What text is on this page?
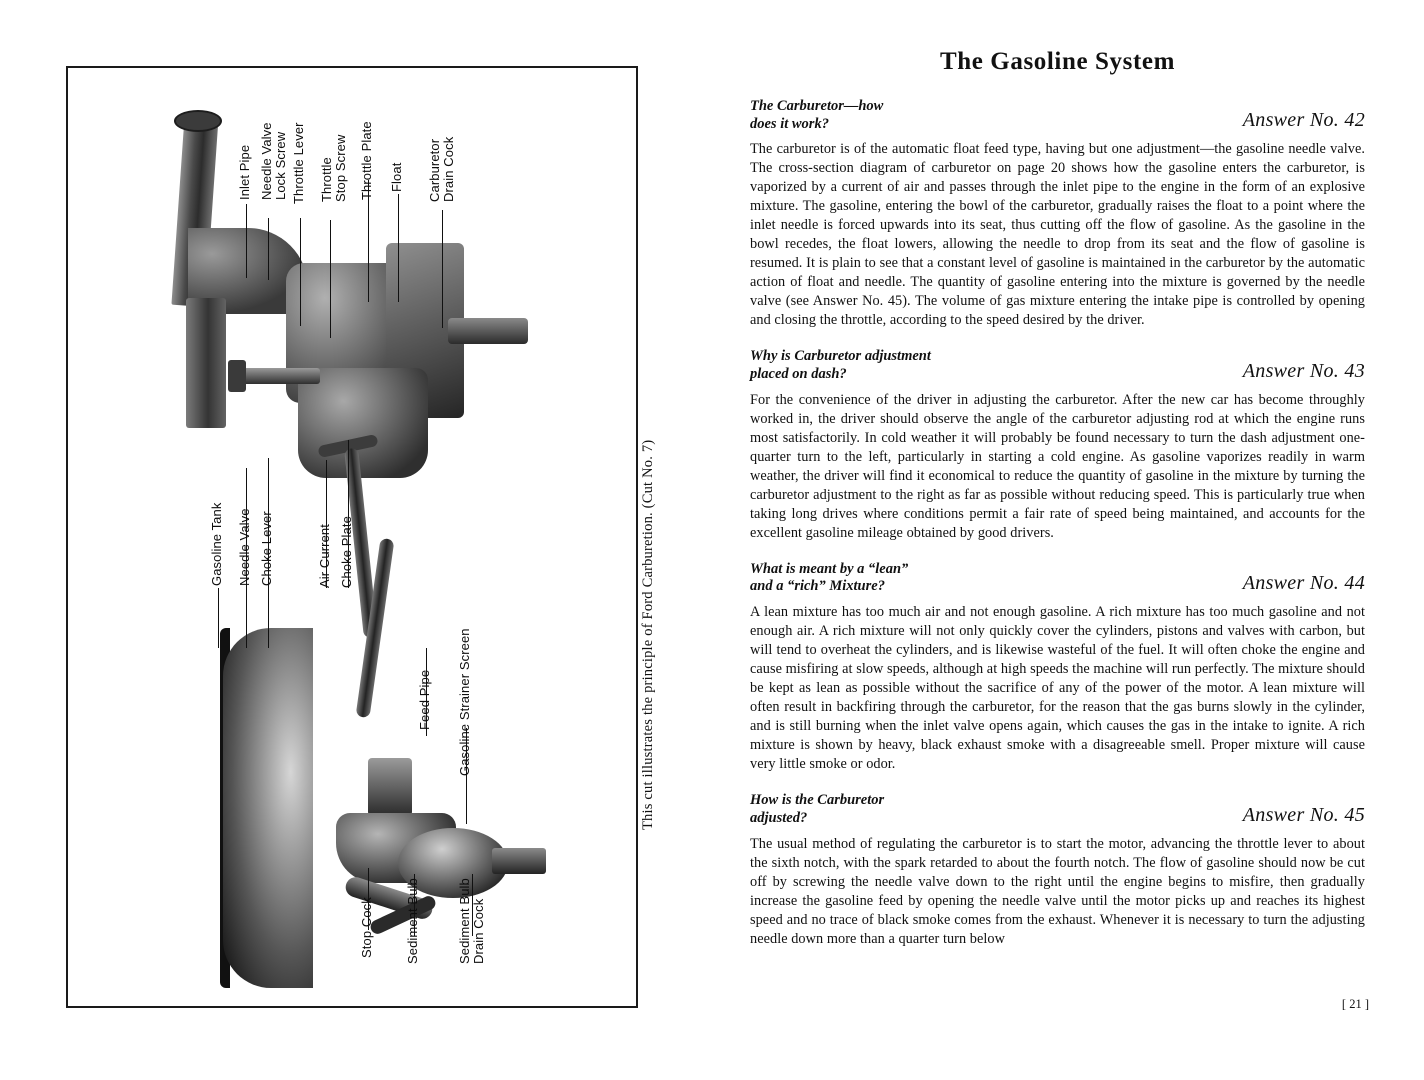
Inlet Pipe Needle Valve
Lock Screw Throttle Lever Throttle
Stop Screw Throttle Plate Float Carburetor
Drain Cock
Gasoline Tank Needle Valve Choke Lever	Air Current Choke Plate
Feed Pipe Gasoline Strainer Screen
Stop Cock Sediment Bulb	Sediment Bulb
Drain Cock
This cut illustrates the principle of Ford Carburetion. (Cut No. 7)
The Gasoline System
The Carburetor—how
does it work?	Answer No. 42

The carburetor is of the automatic float feed type, having but one adjustment—the gasoline needle valve. The cross-section diagram of carburetor on page 20 shows how the gasoline enters the carburetor, is vaporized by a current of air and passes through the inlet pipe to the engine in the form of an explosive mixture. The gasoline, entering the bowl of the carburetor, gradually raises the float to a point where the inlet needle is forced upwards into its seat, thus cutting off the flow of gasoline. As the gasoline in the bowl recedes, the float lowers, allowing the needle to drop from its seat and the flow of gasoline is resumed. It is plain to see that a constant level of gasoline is maintained in the carburetor by the automatic action of float and needle. The quantity of gasoline entering into the mixture is governed by the needle valve (see Answer No. 45). The volume of gas mixture entering the intake pipe is controlled by opening and closing the throttle, according to the speed desired by the driver.

Why is Carburetor adjustment
placed on dash?	Answer No. 43

For the convenience of the driver in adjusting the carburetor. After the new car has become throughly worked in, the driver should observe the angle of the carburetor adjusting rod at which the engine runs most satisfactorily. In cold weather it will probably be found necessary to turn the dash adjustment one-quarter turn to the left, particularly in starting a cold engine. As gasoline vaporizes readily in warm weather, the driver will find it economical to reduce the quantity of gasoline in the mixture by turning the carburetor adjustment to the right as far as possible without reducing speed. This is particularly true when taking long drives where conditions permit a fair rate of speed being maintained, and accounts for the excellent gasoline mileage obtained by good drivers.

What is meant by a “lean”
and a “rich” Mixture?	Answer No. 44

A lean mixture has too much air and not enough gasoline. A rich mixture has too much gasoline and not enough air. A rich mixture will not only quickly cover the cylinders, pistons and valves with carbon, but will tend to overheat the cylinders, and is likewise wasteful of the fuel. It will often choke the engine and cause misfiring at slow speeds, although at high speeds the machine will run perfectly. The mixture should be kept as lean as possible without the sacrifice of any of the power of the motor. A lean mixture will often result in backfiring through the carburetor, for the reason that the gas burns slowly in the cylinder, and is still burning when the inlet valve opens again, which causes the gas in the intake to ignite. A rich mixture is shown by heavy, black exhaust smoke with a disagreeable smell. Proper mixture will cause very little smoke or odor.

How is the Carburetor
adjusted?	Answer No. 45

The usual method of regulating the carburetor is to start the motor, advancing the throttle lever to about the sixth notch, with the spark retarded to about the fourth notch. The flow of gasoline should now be cut off by screwing the needle valve down to the right until the engine begins to misfire, then gradually increase the gasoline feed by opening the needle valve until the motor picks up and reaches its highest speed and no trace of black smoke comes from the exhaust. Whenever it is necessary to turn the adjusting needle down more than a quarter turn below

[ 21 ]
